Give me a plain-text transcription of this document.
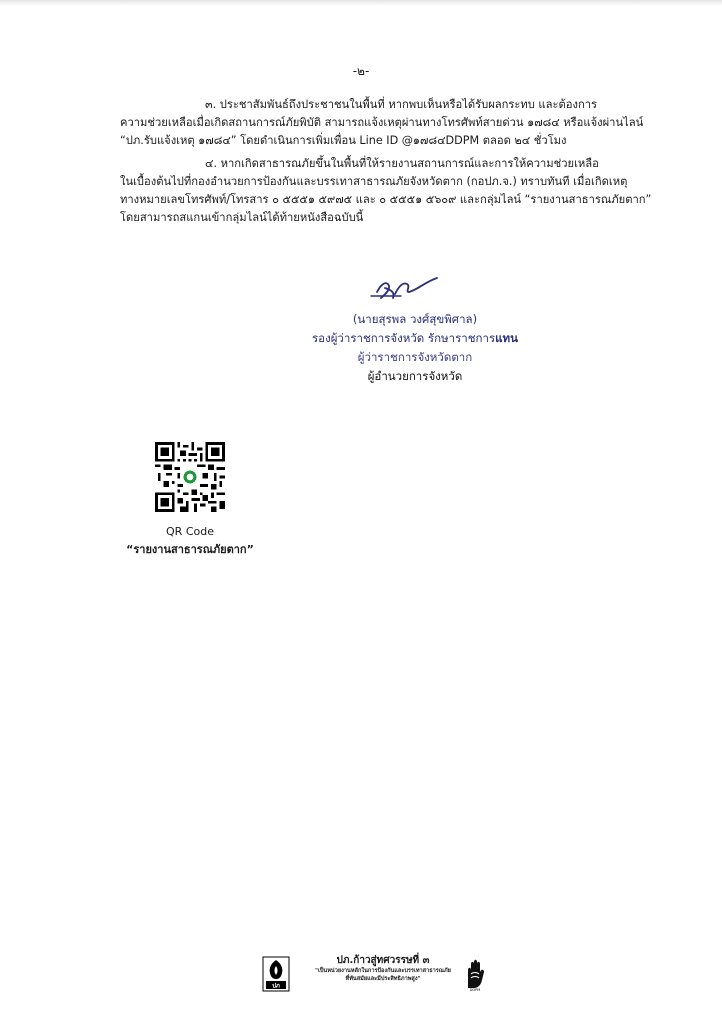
-๒-
๓. ประชาสัมพันธ์ถึงประชาชนในพื้นที่ หากพบเห็นหรือได้รับผลกระทบ และต้องการ
ความช่วยเหลือเมื่อเกิดสถานการณ์ภัยพิบัติ สามารถแจ้งเหตุผ่านทางโทรศัพท์สายด่วน ๑๗๘๔ หรือแจ้งผ่านไลน์
“ปภ.รับแจ้งเหตุ ๑๗๘๔” โดยดำเนินการเพิ่มเพื่อน Line ID @๑๗๘๔DDPM ตลอด ๒๔ ชั่วโมง
๔. หากเกิดสาธารณภัยขึ้นในพื้นที่ให้รายงานสถานการณ์และการให้ความช่วยเหลือ
ในเบื้องต้นไปที่กองอำนวยการป้องกันและบรรเทาสาธารณภัยจังหวัดตาก (กอปภ.จ.) ทราบทันที เมื่อเกิดเหตุ
ทางหมายเลขโทรศัพท์/โทรสาร ๐ ๕๕๕๑ ๕๙๗๕ และ ๐ ๕๕๕๑ ๕๖๐๙ และกลุ่มไลน์ “รายงานสาธารณภัยตาก”
โดยสามารถสแกนเข้ากลุ่มไลน์ได้ท้ายหนังสือฉบับนี้
(นายสุรพล วงศ์สุขพิศาล)
รองผู้ว่าราชการจังหวัด รักษาราชการแทน
ผู้ว่าราชการจังหวัดตาก
ผู้อำนวยการจังหวัด
QR Code
“รายงานสาธารณภัยตาก”
ปภ
ปภ.ก้าวสู่ทศวรรษที่ ๓
"เป็นหน่วยงานหลักในการป้องกันและบรรเทาสาธารณภัย
ที่ทันสมัยและมีประสิทธิภาพสูง"
DDPM
